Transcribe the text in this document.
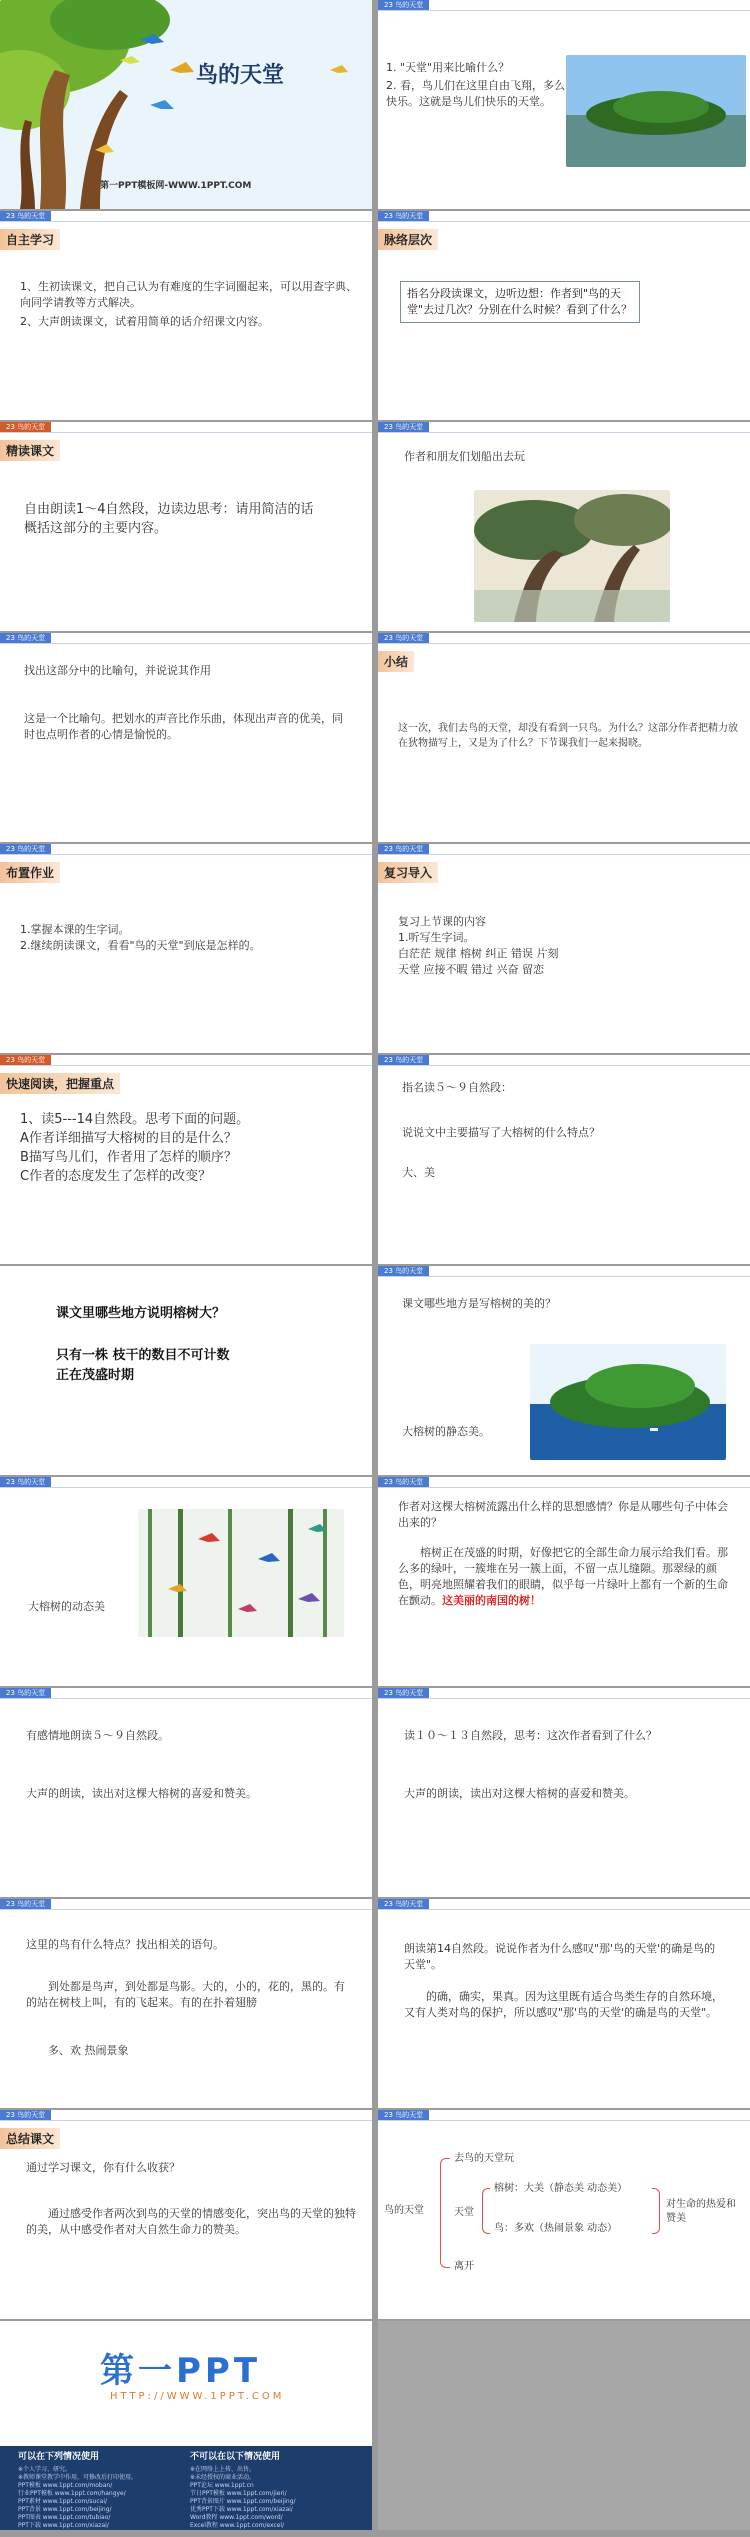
鸟的天堂
第一PPT模板网-WWW.1PPT.COM
23 鸟的天堂
1. "天堂"用来比喻什么？
2. 看，鸟儿们在这里自由飞翔，多么快乐。这就是鸟儿们快乐的天堂。
23 鸟的天堂
自主学习
1、生初读课文，把自己认为有难度的生字词圈起来，可以用查字典、向同学请教等方式解决。
2、大声朗读课文，试着用简单的话介绍课文内容。
23 鸟的天堂
脉络层次
指名分段读课文，边听边想：作者到"鸟的天堂"去过几次？分别在什么时候？看到了什么？
23 鸟的天堂
精读课文
自由朗读1～4自然段，边读边思考：请用简洁的话概括这部分的主要内容。
23 鸟的天堂
作者和朋友们划船出去玩
23 鸟的天堂
找出这部分中的比喻句，并说说其作用
这是一个比喻句。把划水的声音比作乐曲，体现出声音的优美，同时也点明作者的心情是愉悦的。
23 鸟的天堂
小结
这一次，我们去鸟的天堂，却没有看到一只鸟。为什么？这部分作者把精力放在狄物描写上，又是为了什么？下节课我们一起来揭晓。
23 鸟的天堂
布置作业
1.掌握本课的生字词。
2.继续朗读课文，看看"鸟的天堂"到底是怎样的。
23 鸟的天堂
复习导入
复习上节课的内容
1.听写生字词。
白茫茫 规律 榕树 纠正 错误 片刻
天堂 应接不暇 错过 兴奋 留恋
23 鸟的天堂
快速阅读，把握重点
1、读5---14自然段。思考下面的问题。
A作者详细描写大榕树的目的是什么？
B描写鸟儿们，作者用了怎样的顺序？
C作者的态度发生了怎样的改变？
23 鸟的天堂
指名读５～９自然段：
说说文中主要描写了大榕树的什么特点？
大、美
课文里哪些地方说明榕树大？
只有一株 枝干的数目不可计数
正在茂盛时期
23 鸟的天堂
课文哪些地方是写榕树的美的？
大榕树的静态美。
23 鸟的天堂
大榕树的动态美
23 鸟的天堂
作者对这棵大榕树流露出什么样的思想感情？你是从哪些句子中体会出来的？
榕树正在茂盛的时期，好像把它的全部生命力展示给我们看。那么多的绿叶，一簇堆在另一簇上面，不留一点儿缝隙。那翠绿的颜色，明亮地照耀着我们的眼睛，似乎每一片绿叶上都有一个新的生命在颤动。这美丽的南国的树！
23 鸟的天堂
有感情地朗读５～９自然段。
大声的朗读，读出对这棵大榕树的喜爱和赞美。
23 鸟的天堂
读１０～１３自然段，思考：这次作者看到了什么？
大声的朗读，读出对这棵大榕树的喜爱和赞美。
23 鸟的天堂
这里的鸟有什么特点？找出相关的语句。
到处都是鸟声，到处都是鸟影。大的，小的，花的，黑的。有的站在树枝上叫，有的飞起来。有的在扑着翅膀
多、欢 热闹景象
23 鸟的天堂
朗读第14自然段。说说作者为什么感叹"那'鸟的天堂'的确是鸟的天堂"。
的确，确实，果真。因为这里既有适合鸟类生存的自然环境，又有人类对鸟的保护，所以感叹"那'鸟的天堂'的确是鸟的天堂"。
23 鸟的天堂
总结课文
通过学习课文，你有什么收获？
通过感受作者两次到鸟的天堂的情感变化，突出鸟的天堂的独特的美，从中感受作者对大自然生命力的赞美。
23 鸟的天堂
鸟的天堂
去鸟的天堂玩
天堂
榕树：大美（静态美 动态美）
鸟：多欢（热闹景象 动态）
对生命的热爱和赞美
离开
第一PPT
HTTP://WWW.1PPT.COM
可以在下列情况使用
※个人学习、研究。
※教师课堂教学中作用，可修改后打印使用。
PPT模板 www.1ppt.com/moban/
行业PPT模板 www.1ppt.com/hangye/
PPT素材 www.1ppt.com/sucai/
PPT背景 www.1ppt.com/beijing/
PPT图表 www.1ppt.com/tubiao/
PPT下载 www.1ppt.com/xiazai/
不可以在以下情况使用
※在网络上上传、出售。
※未经授权的商业活动。
PPT论坛 www.1ppt.cn
节日PPT模板 www.1ppt.com/jieri/
PPT背景图片 www.1ppt.com/beijing/
优秀PPT下载 www.1ppt.com/xiazai/
Word教程 www.1ppt.com/word/
Excel教程 www.1ppt.com/excel/
